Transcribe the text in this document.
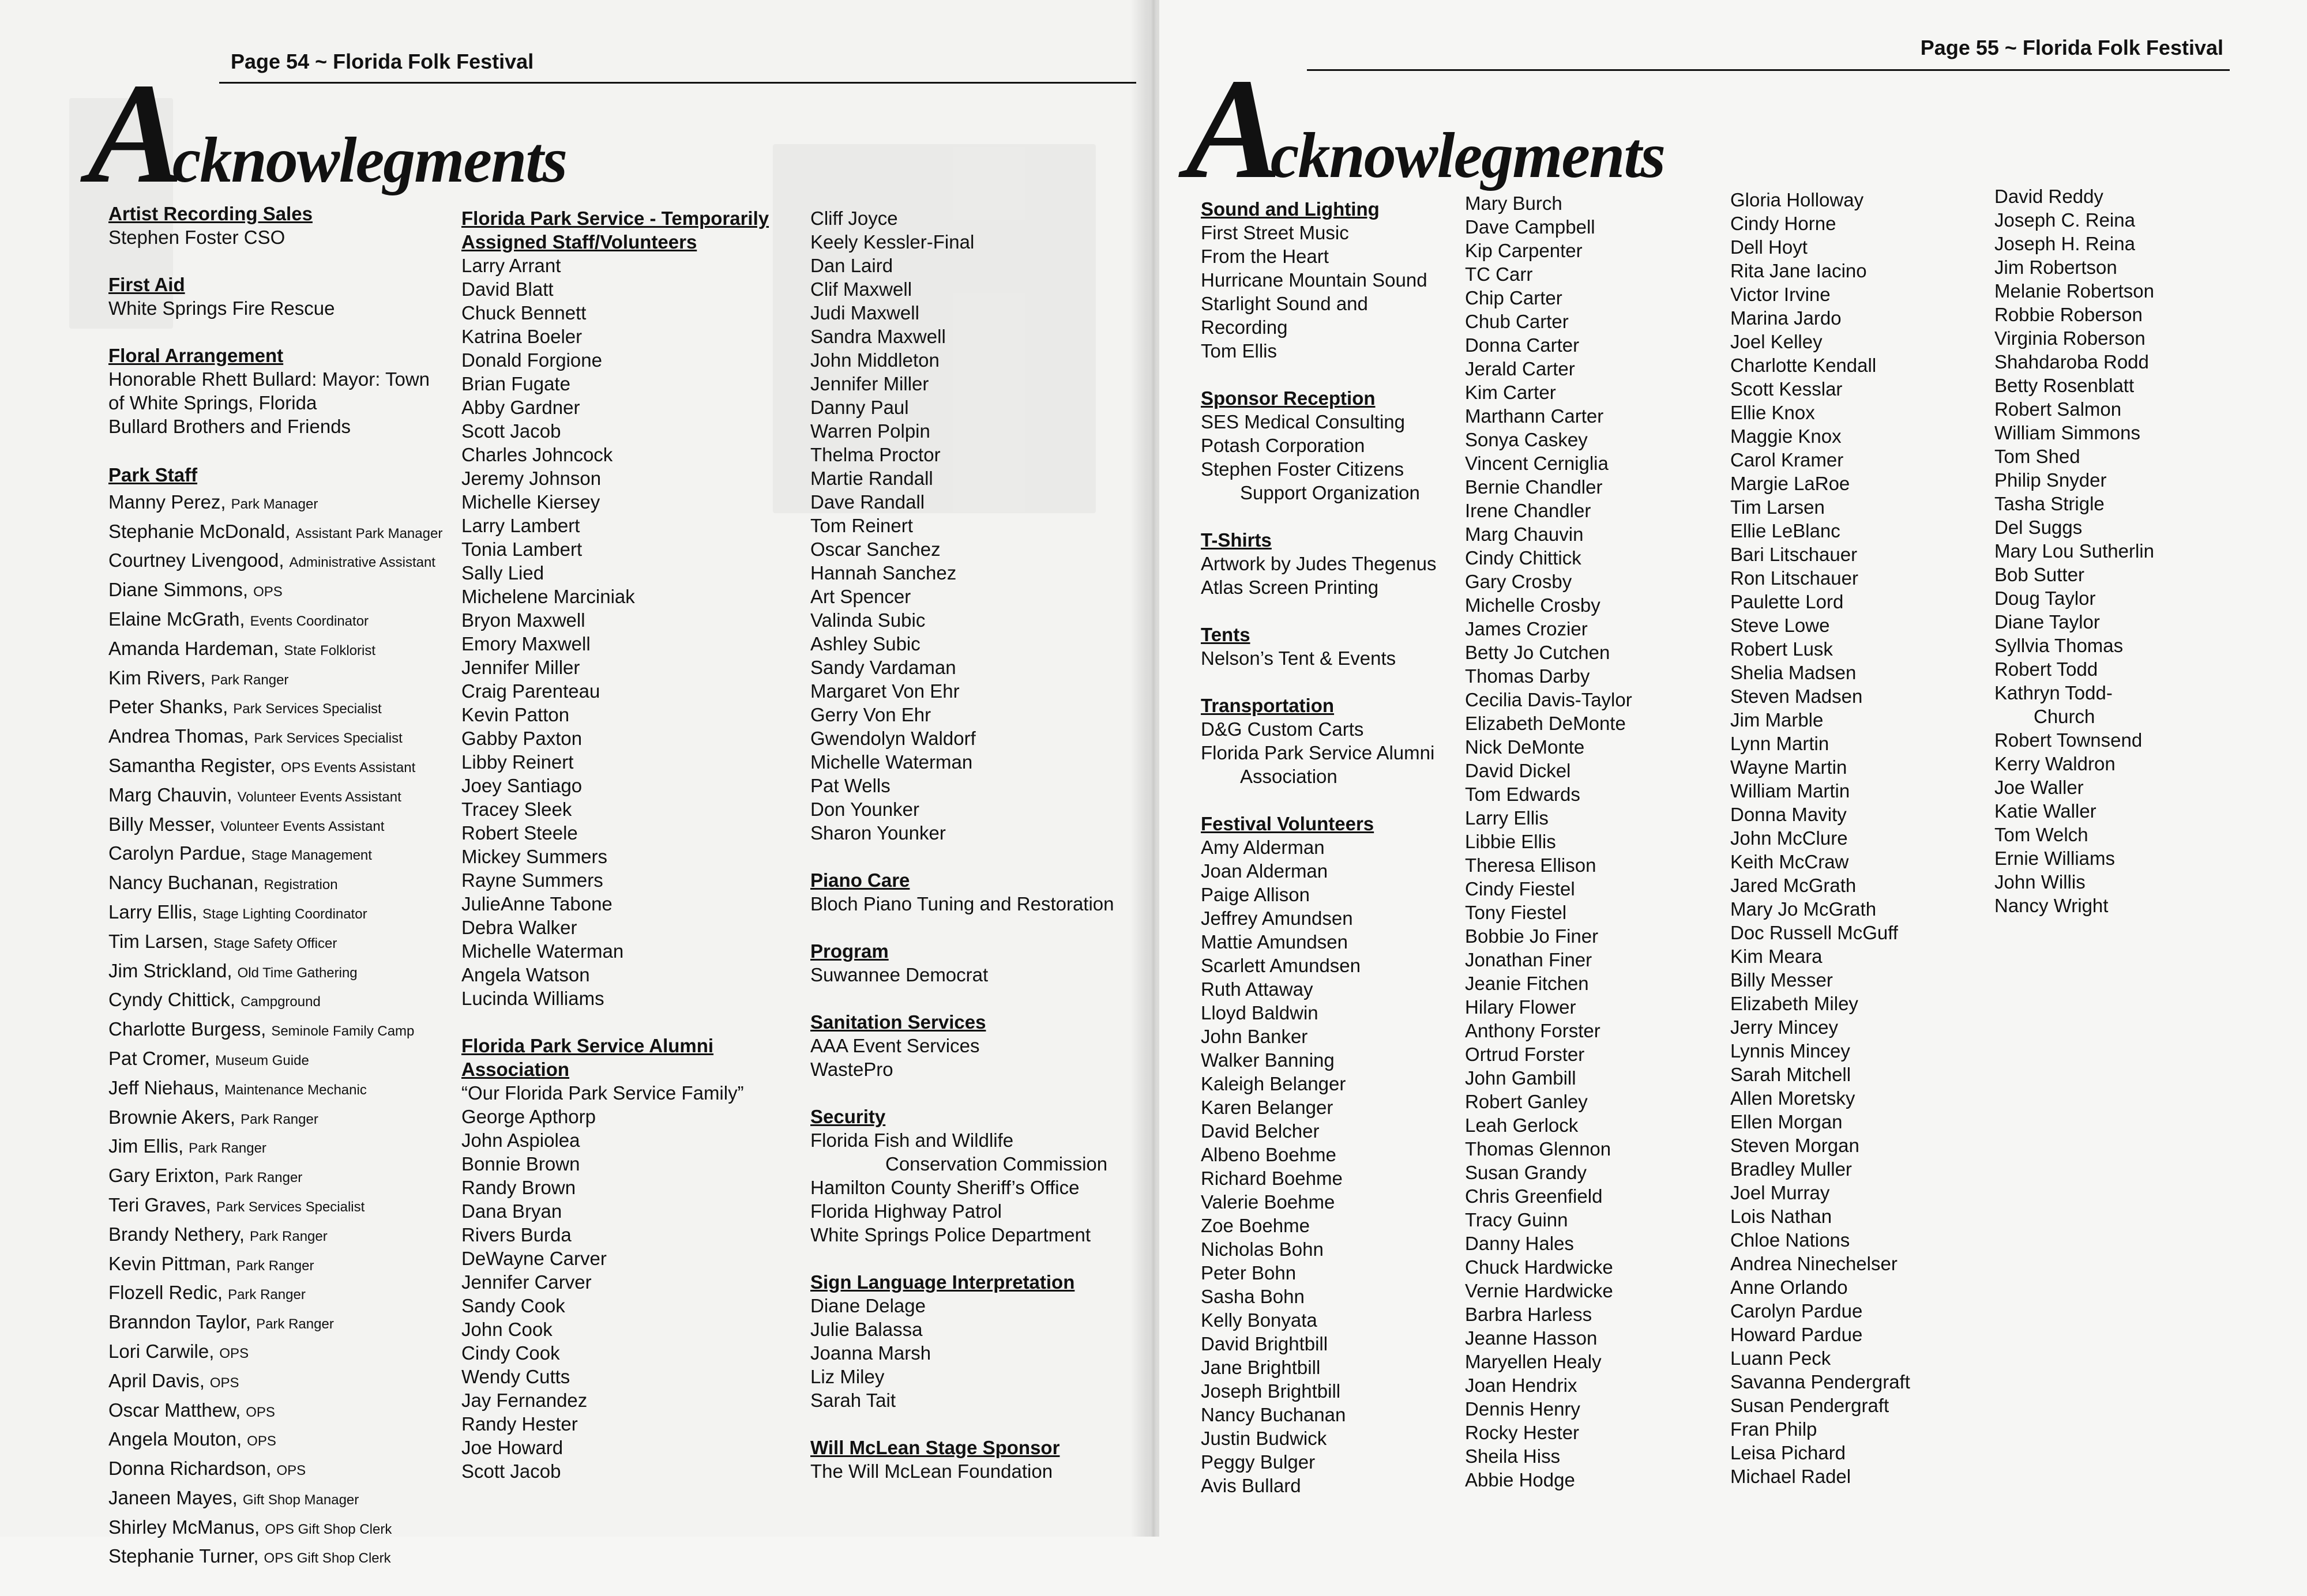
Page 54 ~ Florida Folk Festival
Acknowlegments
Artist Recording Sales
Stephen Foster CSO
First Aid
White Springs Fire Rescue
Floral Arrangement
Honorable Rhett Bullard: Mayor: Town of White Springs, Florida
Bullard Brothers and Friends
Park Staff
Manny Perez, Park Manager
Stephanie McDonald, Assistant Park Manager
Courtney Livengood, Administrative Assistant
Diane Simmons, OPS
Elaine McGrath, Events Coordinator
Amanda Hardeman, State Folklorist
Kim Rivers, Park Ranger
Peter Shanks, Park Services Specialist
Andrea Thomas, Park Services Specialist
Samantha Register, OPS Events Assistant
Marg Chauvin, Volunteer Events Assistant
Billy Messer, Volunteer Events Assistant
Carolyn Pardue, Stage Management
Nancy Buchanan, Registration
Larry Ellis, Stage Lighting Coordinator
Tim Larsen, Stage Safety Officer
Jim Strickland, Old Time Gathering
Cyndy Chittick, Campground
Charlotte Burgess, Seminole Family Camp
Pat Cromer, Museum Guide
Jeff Niehaus, Maintenance Mechanic
Brownie Akers, Park Ranger
Jim Ellis, Park Ranger
Gary Erixton, Park Ranger
Teri Graves, Park Services Specialist
Brandy Nethery, Park Ranger
Kevin Pittman, Park Ranger
Flozell Redic, Park Ranger
Branndon Taylor, Park Ranger
Lori Carwile, OPS
April Davis, OPS
Oscar Matthew, OPS
Angela Mouton, OPS
Donna Richardson, OPS
Janeen Mayes, Gift Shop Manager
Shirley McManus, OPS Gift Shop Clerk
Stephanie Turner, OPS Gift Shop Clerk
Florida Park Service - Temporarily
Assigned Staff/Volunteers
Larry Arrant
David Blatt
Chuck Bennett
Katrina Boeler
Donald Forgione
Brian Fugate
Abby Gardner
Scott Jacob
Charles Johncock
Jeremy Johnson
Michelle Kiersey
Larry Lambert
Tonia Lambert
Sally Lied
Michelene Marciniak
Bryon Maxwell
Emory Maxwell
Jennifer Miller
Craig Parenteau
Kevin Patton
Gabby Paxton
Libby Reinert
Joey Santiago
Tracey Sleek
Robert Steele
Mickey Summers
Rayne Summers
JulieAnne Tabone
Debra Walker
Michelle Waterman
Angela Watson
Lucinda Williams
Florida Park Service Alumni
Association
“Our Florida Park Service Family”
George Apthorp
John Aspiolea
Bonnie Brown
Randy Brown
Dana Bryan
Rivers Burda
DeWayne Carver
Jennifer Carver
Sandy Cook
John Cook
Cindy Cook
Wendy Cutts
Jay Fernandez
Randy Hester
Joe Howard
Scott Jacob
Cliff Joyce
Keely Kessler-Final
Dan Laird
Clif Maxwell
Judi Maxwell
Sandra Maxwell
John Middleton
Jennifer Miller
Danny Paul
Warren Polpin
Thelma Proctor
Martie Randall
Dave Randall
Tom Reinert
Oscar Sanchez
Hannah Sanchez
Art Spencer
Valinda Subic
Ashley Subic
Sandy Vardaman
Margaret Von Ehr
Gerry Von Ehr
Gwendolyn Waldorf
Michelle Waterman
Pat Wells
Don Younker
Sharon Younker
Piano Care
Bloch Piano Tuning and Restoration
Program
Suwannee Democrat
Sanitation Services
AAA Event Services
WastePro
Security
Florida Fish and Wildlife
Conservation Commission
Hamilton County Sheriff’s Office
Florida Highway Patrol
White Springs Police Department
Sign Language Interpretation
Diane Delage
Julie Balassa
Joanna Marsh
Liz Miley
Sarah Tait
Will McLean Stage Sponsor
The Will McLean Foundation
Page 55 ~ Florida Folk Festival
Acknowlegments
Sound and Lighting
First Street Music
From the Heart
Hurricane Mountain Sound
Starlight Sound and
Recording
Tom Ellis
Sponsor Reception
SES Medical Consulting
Potash Corporation
Stephen Foster Citizens
Support Organization
T-Shirts
Artwork by Judes Thegenus
Atlas Screen Printing
Tents
Nelson’s Tent & Events
Transportation
D&G Custom Carts
Florida Park Service Alumni
Association
Festival Volunteers
Amy Alderman
Joan Alderman
Paige Allison
Jeffrey Amundsen
Mattie Amundsen
Scarlett Amundsen
Ruth Attaway
Lloyd Baldwin
John Banker
Walker Banning
Kaleigh Belanger
Karen Belanger
David Belcher
Albeno Boehme
Richard Boehme
Valerie Boehme
Zoe Boehme
Nicholas Bohn
Peter Bohn
Sasha Bohn
Kelly Bonyata
David Brightbill
Jane Brightbill
Joseph Brightbill
Nancy Buchanan
Justin Budwick
Peggy Bulger
Avis Bullard
Mary Burch
Dave Campbell
Kip Carpenter
TC Carr
Chip Carter
Chub Carter
Donna Carter
Jerald Carter
Kim Carter
Marthann Carter
Sonya Caskey
Vincent Cerniglia
Bernie Chandler
Irene Chandler
Marg Chauvin
Cindy Chittick
Gary Crosby
Michelle Crosby
James Crozier
Betty Jo Cutchen
Thomas Darby
Cecilia Davis-Taylor
Elizabeth DeMonte
Nick DeMonte
David Dickel
Tom Edwards
Larry Ellis
Libbie Ellis
Theresa Ellison
Cindy Fiestel
Tony Fiestel
Bobbie Jo Finer
Jonathan Finer
Jeanie Fitchen
Hilary Flower
Anthony Forster
Ortrud Forster
John Gambill
Robert Ganley
Leah Gerlock
Thomas Glennon
Susan Grandy
Chris Greenfield
Tracy Guinn
Danny Hales
Chuck Hardwicke
Vernie Hardwicke
Barbra Harless
Jeanne Hasson
Maryellen Healy
Joan Hendrix
Dennis Henry
Rocky Hester
Sheila Hiss
Abbie Hodge
Gloria Holloway
Cindy Horne
Dell Hoyt
Rita Jane Iacino
Victor Irvine
Marina Jardo
Joel Kelley
Charlotte Kendall
Scott Kesslar
Ellie Knox
Maggie Knox
Carol Kramer
Margie LaRoe
Tim Larsen
Ellie LeBlanc
Bari Litschauer
Ron Litschauer
Paulette Lord
Steve Lowe
Robert Lusk
Shelia Madsen
Steven Madsen
Jim Marble
Lynn Martin
Wayne Martin
William Martin
Donna Mavity
John McClure
Keith McCraw
Jared McGrath
Mary Jo McGrath
Doc Russell McGuff
Kim Meara
Billy Messer
Elizabeth Miley
Jerry Mincey
Lynnis Mincey
Sarah Mitchell
Allen Moretsky
Ellen Morgan
Steven Morgan
Bradley Muller
Joel Murray
Lois Nathan
Chloe Nations
Andrea Ninechelser
Anne Orlando
Carolyn Pardue
Howard Pardue
Luann Peck
Savanna Pendergraft
Susan Pendergraft
Fran Philp
Leisa Pichard
Michael Radel
David Reddy
Joseph C. Reina
Joseph H. Reina
Jim Robertson
Melanie Robertson
Robbie Roberson
Virginia Roberson
Shahdaroba Rodd
Betty Rosenblatt
Robert Salmon
William Simmons
Tom Shed
Philip Snyder
Tasha Strigle
Del Suggs
Mary Lou Sutherlin
Bob Sutter
Doug Taylor
Diane Taylor
Syllvia Thomas
Robert Todd
Kathryn Todd-
Church
Robert Townsend
Kerry Waldron
Joe Waller
Katie Waller
Tom Welch
Ernie Williams
John Willis
Nancy Wright
